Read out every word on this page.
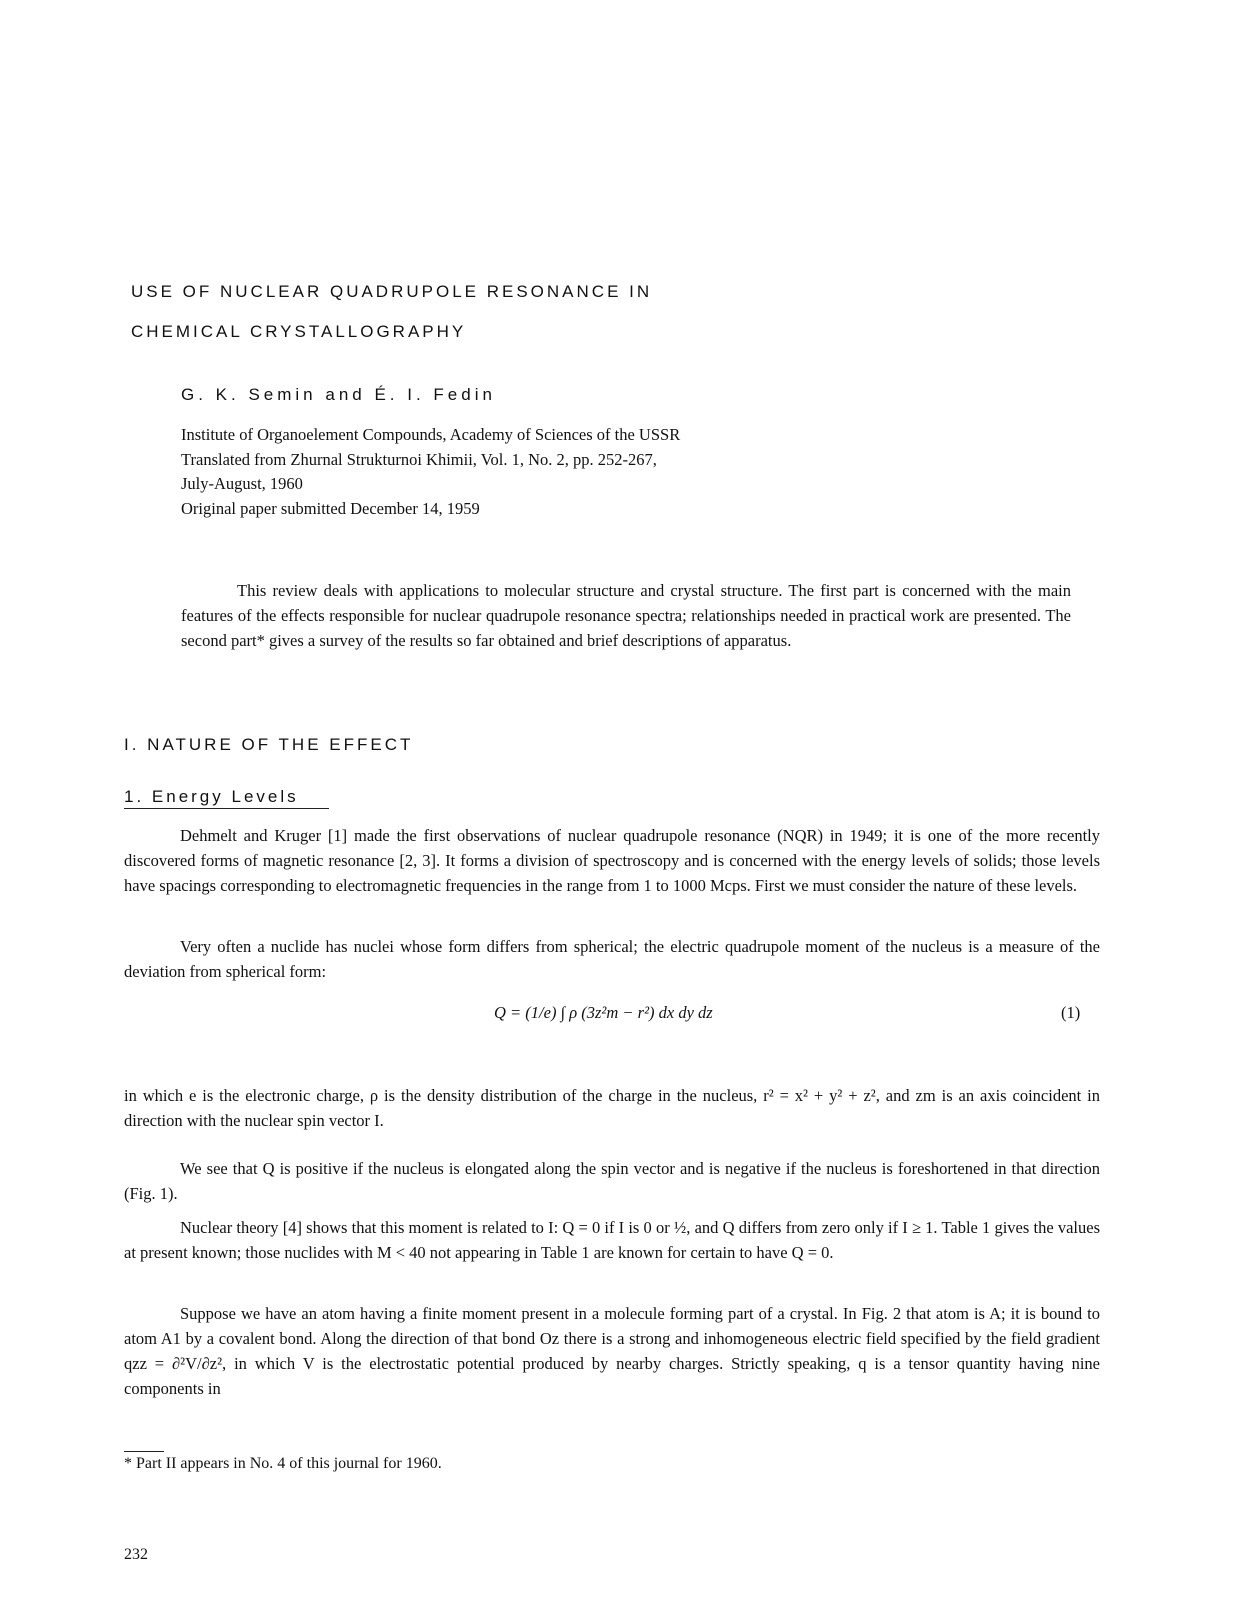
USE OF NUCLEAR QUADRUPOLE RESONANCE IN
CHEMICAL CRYSTALLOGRAPHY
G. K. Semin and É. I. Fedin
Institute of Organoelement Compounds, Academy of Sciences of the USSR
Translated from Zhurnal Strukturnoi Khimii, Vol. 1, No. 2, pp. 252-267,
July-August, 1960
Original paper submitted December 14, 1959
This review deals with applications to molecular structure and crystal structure. The first part is concerned with the main features of the effects responsible for nuclear quadrupole resonance spectra; relationships needed in practical work are presented. The second part* gives a survey of the results so far obtained and brief descriptions of apparatus.
I. NATURE OF THE EFFECT
1. Energy Levels

Dehmelt and Kruger [1] made the first observations of nuclear quadrupole resonance (NQR) in 1949; it is one of the more recently discovered forms of magnetic resonance [2, 3]. It forms a division of spectroscopy and is concerned with the energy levels of solids; those levels have spacings corresponding to electromagnetic frequencies in the range from 1 to 1000 Mcps. First we must consider the nature of these levels.

Very often a nuclide has nuclei whose form differs from spherical; the electric quadrupole moment of the nucleus is a measure of the deviation from spherical form:

Q = (1/e) ∫ ρ (3z²m − r²) dx dy dz	(1)

in which e is the electronic charge, ρ is the density distribution of the charge in the nucleus, r² = x² + y² + z², and zm is an axis coincident in direction with the nuclear spin vector I.

We see that Q is positive if the nucleus is elongated along the spin vector and is negative if the nucleus is foreshortened in that direction (Fig. 1).

Nuclear theory [4] shows that this moment is related to I: Q = 0 if I is 0 or ½, and Q differs from zero only if I ≥ 1. Table 1 gives the values at present known; those nuclides with M < 40 not appearing in Table 1 are known for certain to have Q = 0.

Suppose we have an atom having a finite moment present in a molecule forming part of a crystal. In Fig. 2 that atom is A; it is bound to atom A1 by a covalent bond. Along the direction of that bond Oz there is a strong and inhomogeneous electric field specified by the field gradient qzz = ∂²V/∂z², in which V is the electrostatic potential produced by nearby charges. Strictly speaking, q is a tensor quantity having nine components in

* Part II appears in No. 4 of this journal for 1960.
232
